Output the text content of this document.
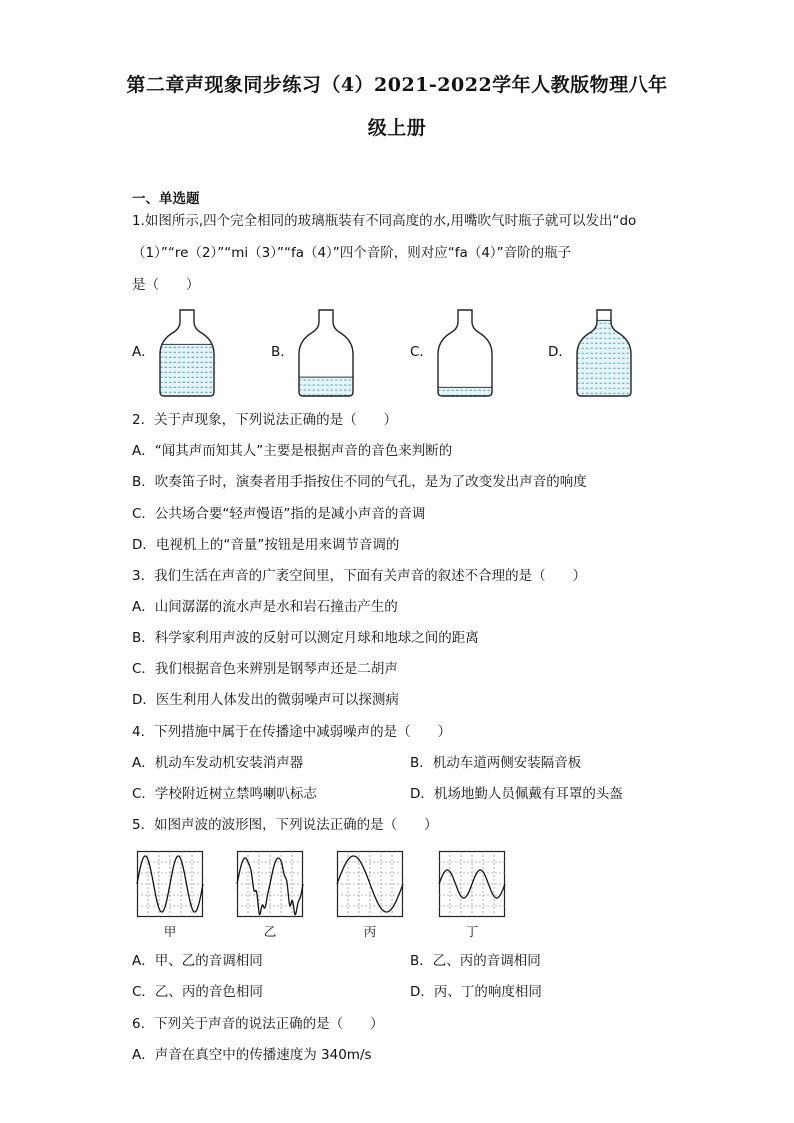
第二章声现象同步练习（4）2021-2022学年人教版物理八年
级上册
一、单选题
1.如图所示,四个完全相同的玻璃瓶装有不同高度的水,用嘴吹气时瓶子就可以发出“do
（1）”“re（2）”“mi（3）”“fa（4）”四个音阶，则对应“fa（4）”音阶的瓶子
是（　　）
A．	B．	C．	D．
2．关于声现象，下列说法正确的是（　　）
A．“闻其声而知其人”主要是根据声音的音色来判断的
B．吹奏笛子时，演奏者用手指按住不同的气孔，是为了改变发出声音的响度
C．公共场合要“轻声慢语”指的是减小声音的音调
D．电视机上的“音量”按钮是用来调节音调的
3．我们生活在声音的广袤空间里，下面有关声音的叙述不合理的是（　　）
A．山间潺潺的流水声是水和岩石撞击产生的
B．科学家利用声波的反射可以测定月球和地球之间的距离
C．我们根据音色来辨别是钢琴声还是二胡声
D．医生利用人体发出的微弱噪声可以探测病
4．下列措施中属于在传播途中减弱噪声的是（　　）
A．机动车发动机安装消声器	B．机动车道两侧安装隔音板
C．学校附近树立禁鸣喇叭标志	D．机场地勤人员佩戴有耳罩的头盔
5．如图声波的波形图，下列说法正确的是（　　）
甲	乙	丙	丁
A．甲、乙的音调相同	B．乙、丙的音调相同
C．乙、丙的音色相同	D．丙、丁的响度相同
6．下列关于声音的说法正确的是（　　）
A．声音在真空中的传播速度为 340m/s
